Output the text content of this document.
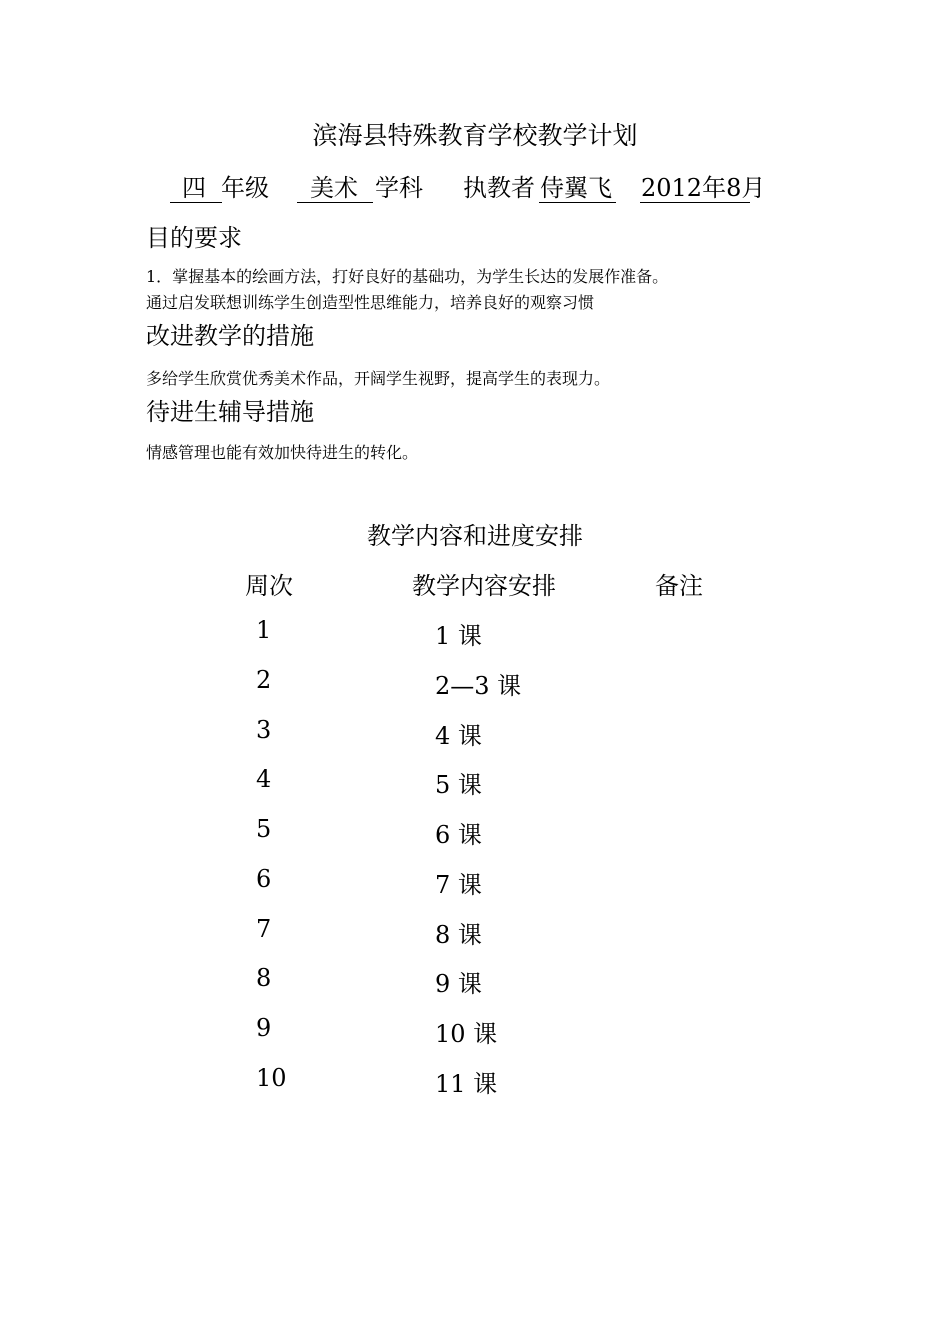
滨海县特殊教育学校教学计划
四 年级 美术 学科 执教者 侍翼飞 2012年8月
目的要求
1．掌握基本的绘画方法，打好良好的基础功，为学生长达的发展作准备。
通过启发联想训练学生创造型性思维能力，培养良好的观察习惯
改进教学的措施
多给学生欣赏优秀美术作品，开阔学生视野，提高学生的表现力。
待进生辅导措施
情感管理也能有效加快待进生的转化。
教学内容和进度安排
周次	教学内容安排	备注
1	1 课
2	2—3 课
3	4 课
4	5 课
5	6 课
6	7 课
7	8 课
8	9 课
9	10 课
10	11 课
